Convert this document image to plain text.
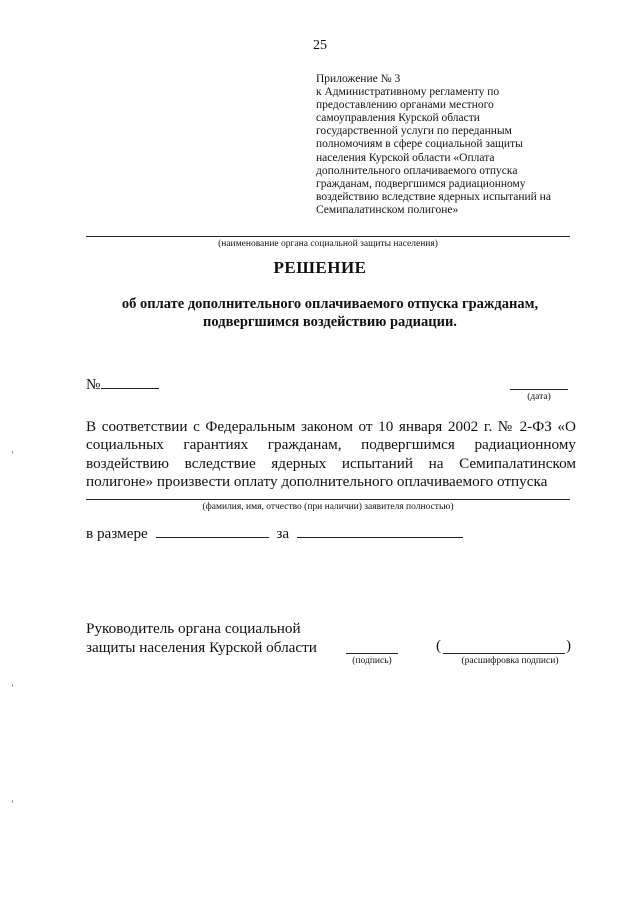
25
Приложение № 3
к Административному регламенту по
предоставлению органами местного
самоуправления Курской области
государственной услуги по переданным
полномочиям в сфере социальной защиты
населения Курской области «Оплата
дополнительного оплачиваемого отпуска
гражданам, подвергшимся радиационному
воздействию вследствие ядерных испытаний на
Семипалатинском полигоне»
(наименование органа социальной защиты населения)
РЕШЕНИЕ
об оплате дополнительного оплачиваемого отпуска гражданам,
подвергшимся воздействию радиации.
№
(дата)
В соответствии с Федеральным законом от 10 января 2002 г. № 2-ФЗ «О
социальных гарантиях гражданам, подвергшимся радиационному
воздействию вследствие ядерных испытаний на Семипалатинском
полигоне» произвести оплату дополнительного оплачиваемого отпуска
(фамилия, имя, отчество (при наличии) заявителя полностью)
в размере	за
Руководитель органа социальной
защиты населения Курской области
(подпись)
(	)
(расшифровка подписи)
